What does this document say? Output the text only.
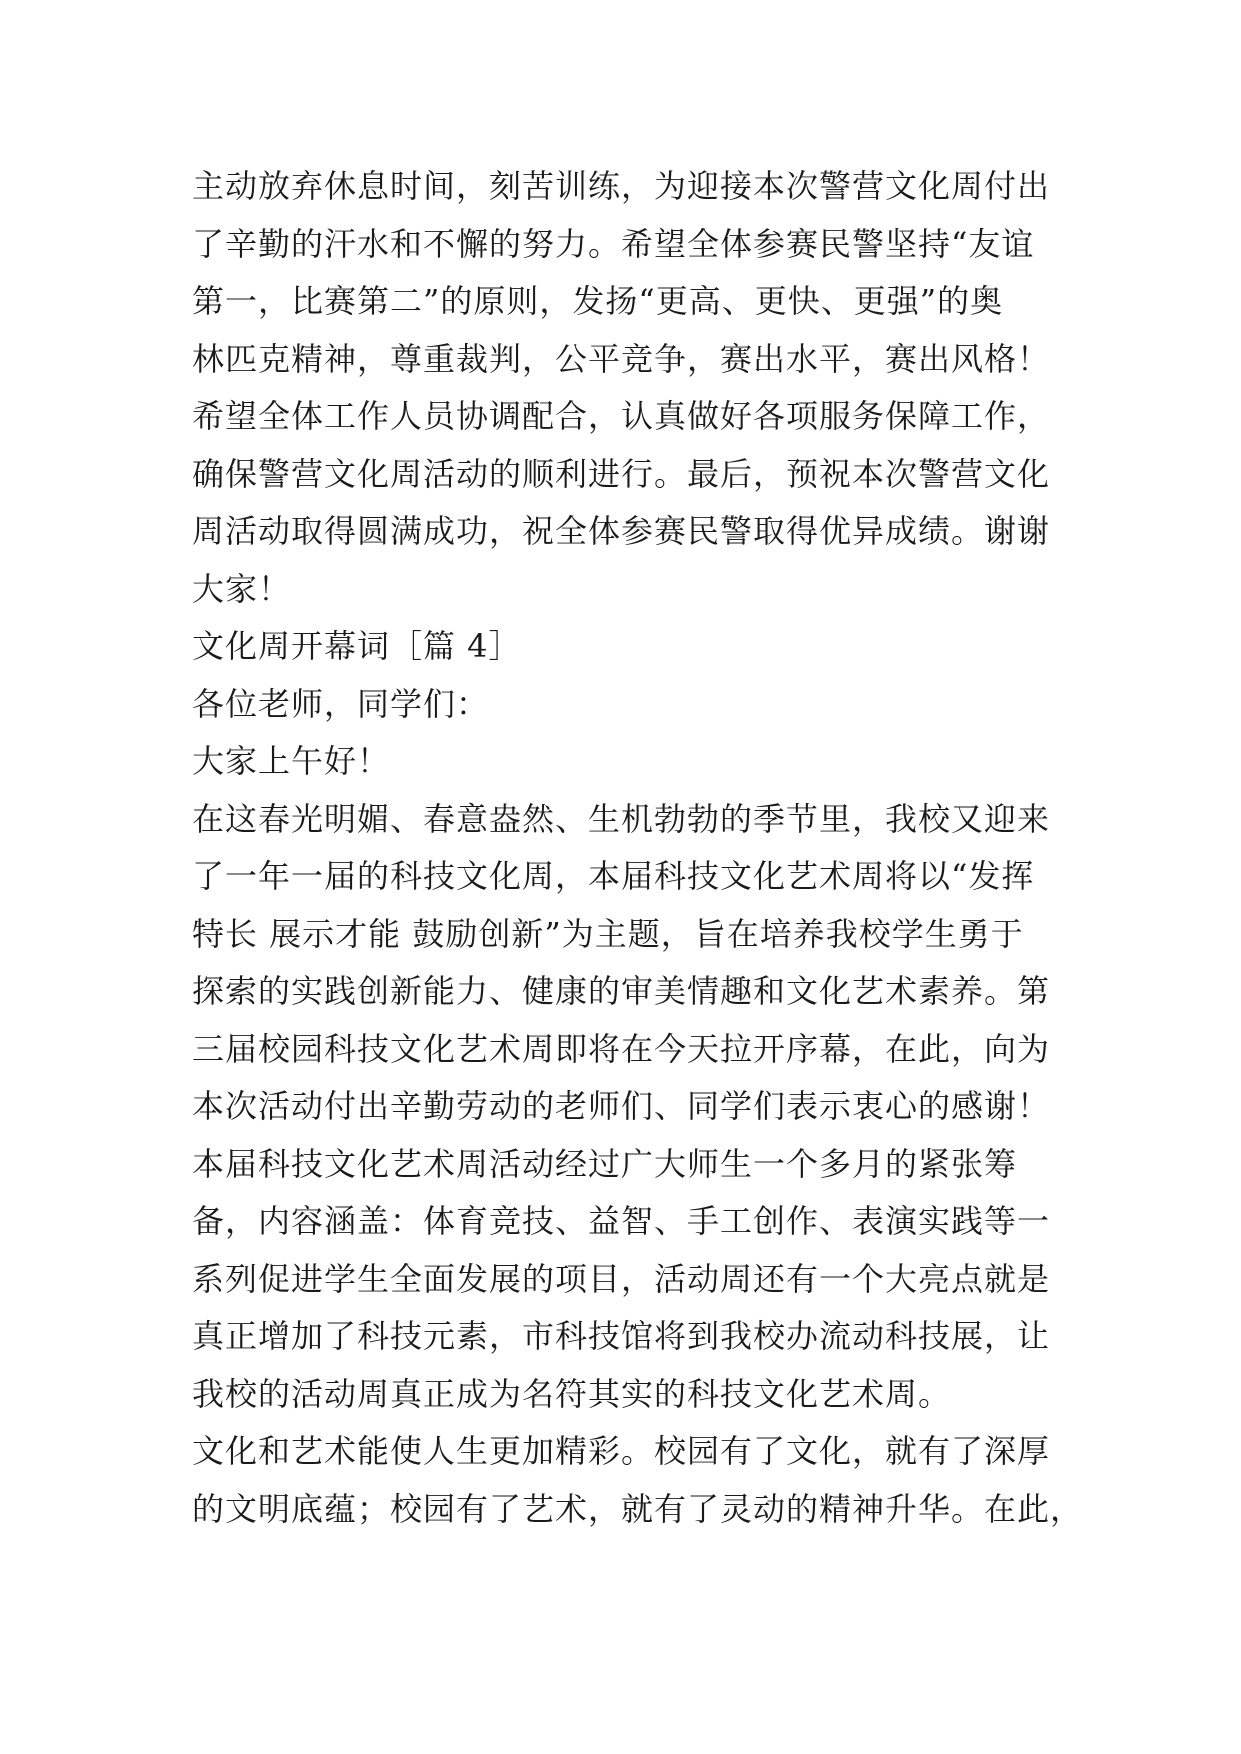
主动放弃休息时间，刻苦训练，为迎接本次警营文化周付出
了辛勤的汗水和不懈的努力。希望全体参赛民警坚持“友谊
第一，比赛第二”的原则，发扬“更高、更快、更强”的奥
林匹克精神，尊重裁判，公平竞争，赛出水平，赛出风格！
希望全体工作人员协调配合，认真做好各项服务保障工作，
确保警营文化周活动的顺利进行。最后，预祝本次警营文化
周活动取得圆满成功，祝全体参赛民警取得优异成绩。谢谢
大家！
文化周开幕词［篇 4］
各位老师，同学们：
大家上午好！
在这春光明媚、春意盎然、生机勃勃的季节里，我校又迎来
了一年一届的科技文化周，本届科技文化艺术周将以“发挥
特长 展示才能 鼓励创新”为主题，旨在培养我校学生勇于
探索的实践创新能力、健康的审美情趣和文化艺术素养。第
三届校园科技文化艺术周即将在今天拉开序幕，在此，向为
本次活动付出辛勤劳动的老师们、同学们表示衷心的感谢！
本届科技文化艺术周活动经过广大师生一个多月的紧张筹
备，内容涵盖：体育竞技、益智、手工创作、表演实践等一
系列促进学生全面发展的项目，活动周还有一个大亮点就是
真正增加了科技元素，市科技馆将到我校办流动科技展，让
我校的活动周真正成为名符其实的科技文化艺术周。
文化和艺术能使人生更加精彩。校园有了文化，就有了深厚
的文明底蕴；校园有了艺术，就有了灵动的精神升华。在此，
